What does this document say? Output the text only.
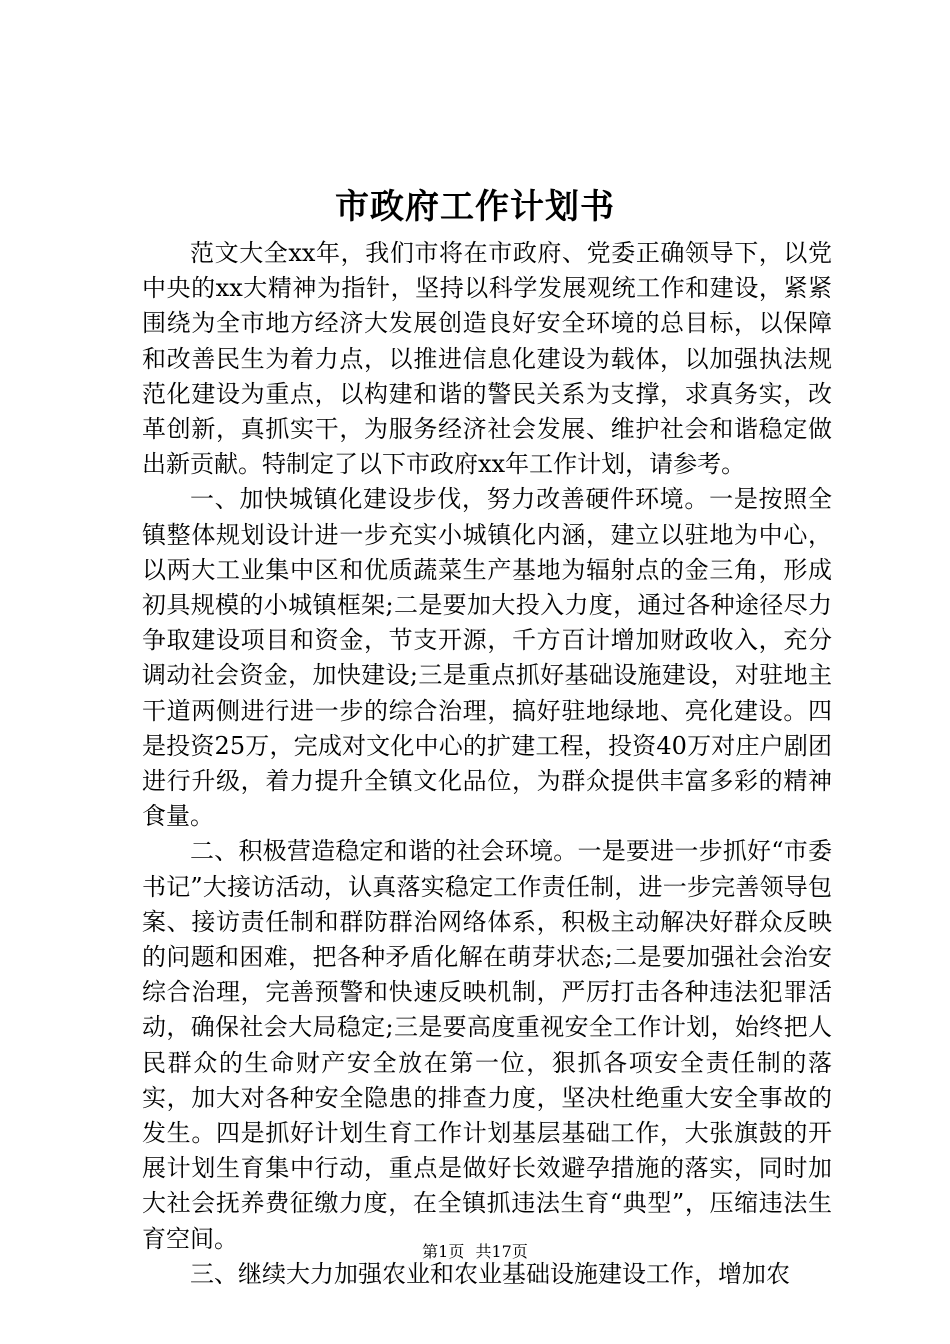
市政府工作计划书

范文大全xx年，我们市将在市政府、党委正确领导下，以党中央的xx大精神为指针，坚持以科学发展观统工作和建设，紧紧围绕为全市地方经济大发展创造良好安全环境的总目标，以保障和改善民生为着力点，以推进信息化建设为载体，以加强执法规范化建设为重点，以构建和谐的警民关系为支撑，求真务实，改革创新，真抓实干，为服务经济社会发展、维护社会和谐稳定做出新贡献。特制定了以下市政府xx年工作计划，请参考。

一、加快城镇化建设步伐，努力改善硬件环境。一是按照全镇整体规划设计进一步充实小城镇化内涵，建立以驻地为中心，以两大工业集中区和优质蔬菜生产基地为辐射点的金三角，形成初具规模的小城镇框架;二是要加大投入力度，通过各种途径尽力争取建设项目和资金，节支开源，千方百计增加财政收入，充分调动社会资金，加快建设;三是重点抓好基础设施建设，对驻地主干道两侧进行进一步的综合治理，搞好驻地绿地、亮化建设。四是投资25万，完成对文化中心的扩建工程，投资40万对庄户剧团进行升级，着力提升全镇文化品位，为群众提供丰富多彩的精神食量。

二、积极营造稳定和谐的社会环境。一是要进一步抓好“市委书记”大接访活动，认真落实稳定工作责任制，进一步完善领导包案、接访责任制和群防群治网络体系，积极主动解决好群众反映的问题和困难，把各种矛盾化解在萌芽状态;二是要加强社会治安综合治理，完善预警和快速反映机制，严厉打击各种违法犯罪活动，确保社会大局稳定;三是要高度重视安全工作计划，始终把人民群众的生命财产安全放在第一位，狠抓各项安全责任制的落实，加大对各种安全隐患的排查力度，坚决杜绝重大安全事故的发生。四是抓好计划生育工作计划基层基础工作，大张旗鼓的开展计划生育集中行动，重点是做好长效避孕措施的落实，同时加大社会抚养费征缴力度，在全镇抓违法生育“典型”，压缩违法生育空间。

三、继续大力加强农业和农业基础设施建设工作，增加农

第1页 共17页
